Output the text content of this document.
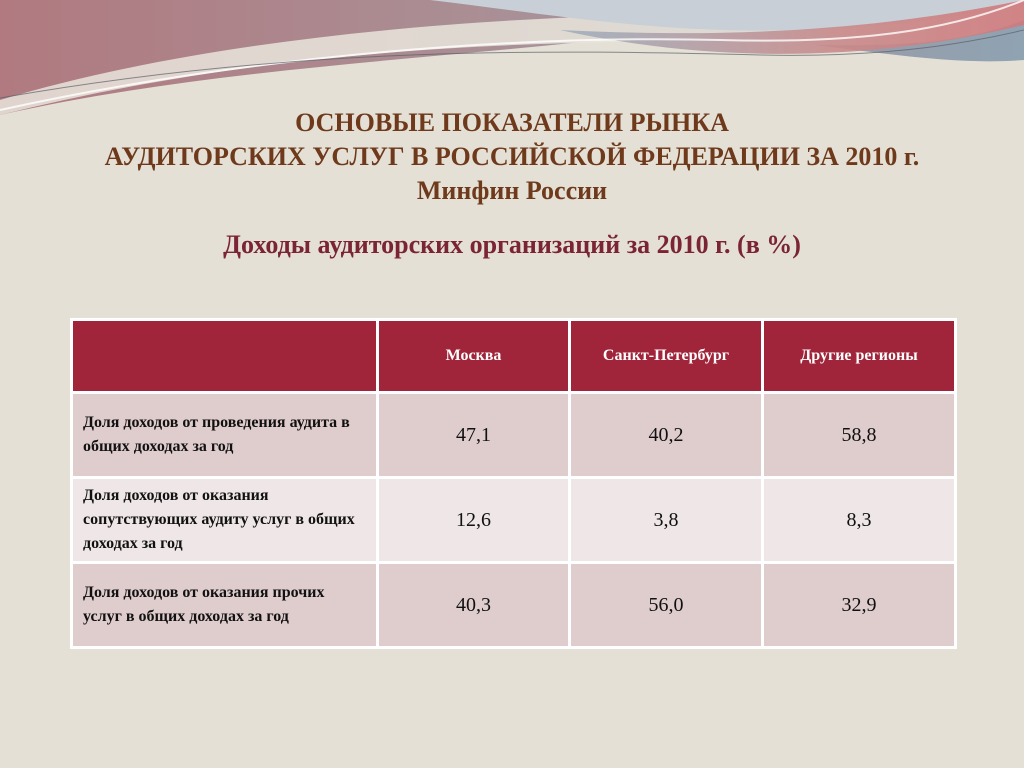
ОСНОВЫЕ ПОКАЗАТЕЛИ РЫНКА
АУДИТОРСКИХ УСЛУГ В РОССИЙСКОЙ ФЕДЕРАЦИИ ЗА 2010 г.
Минфин России
Доходы аудиторских организаций за 2010 г. (в %)
	Москва	Санкт-Петербург	Другие регионы
Доля доходов от проведения аудита в общих доходах за год	47,1	40,2	58,8
Доля доходов от оказания сопутствующих аудиту услуг в общих доходах за год	12,6	3,8	8,3
Доля доходов от оказания прочих услуг в общих доходах за год	40,3	56,0	32,9
